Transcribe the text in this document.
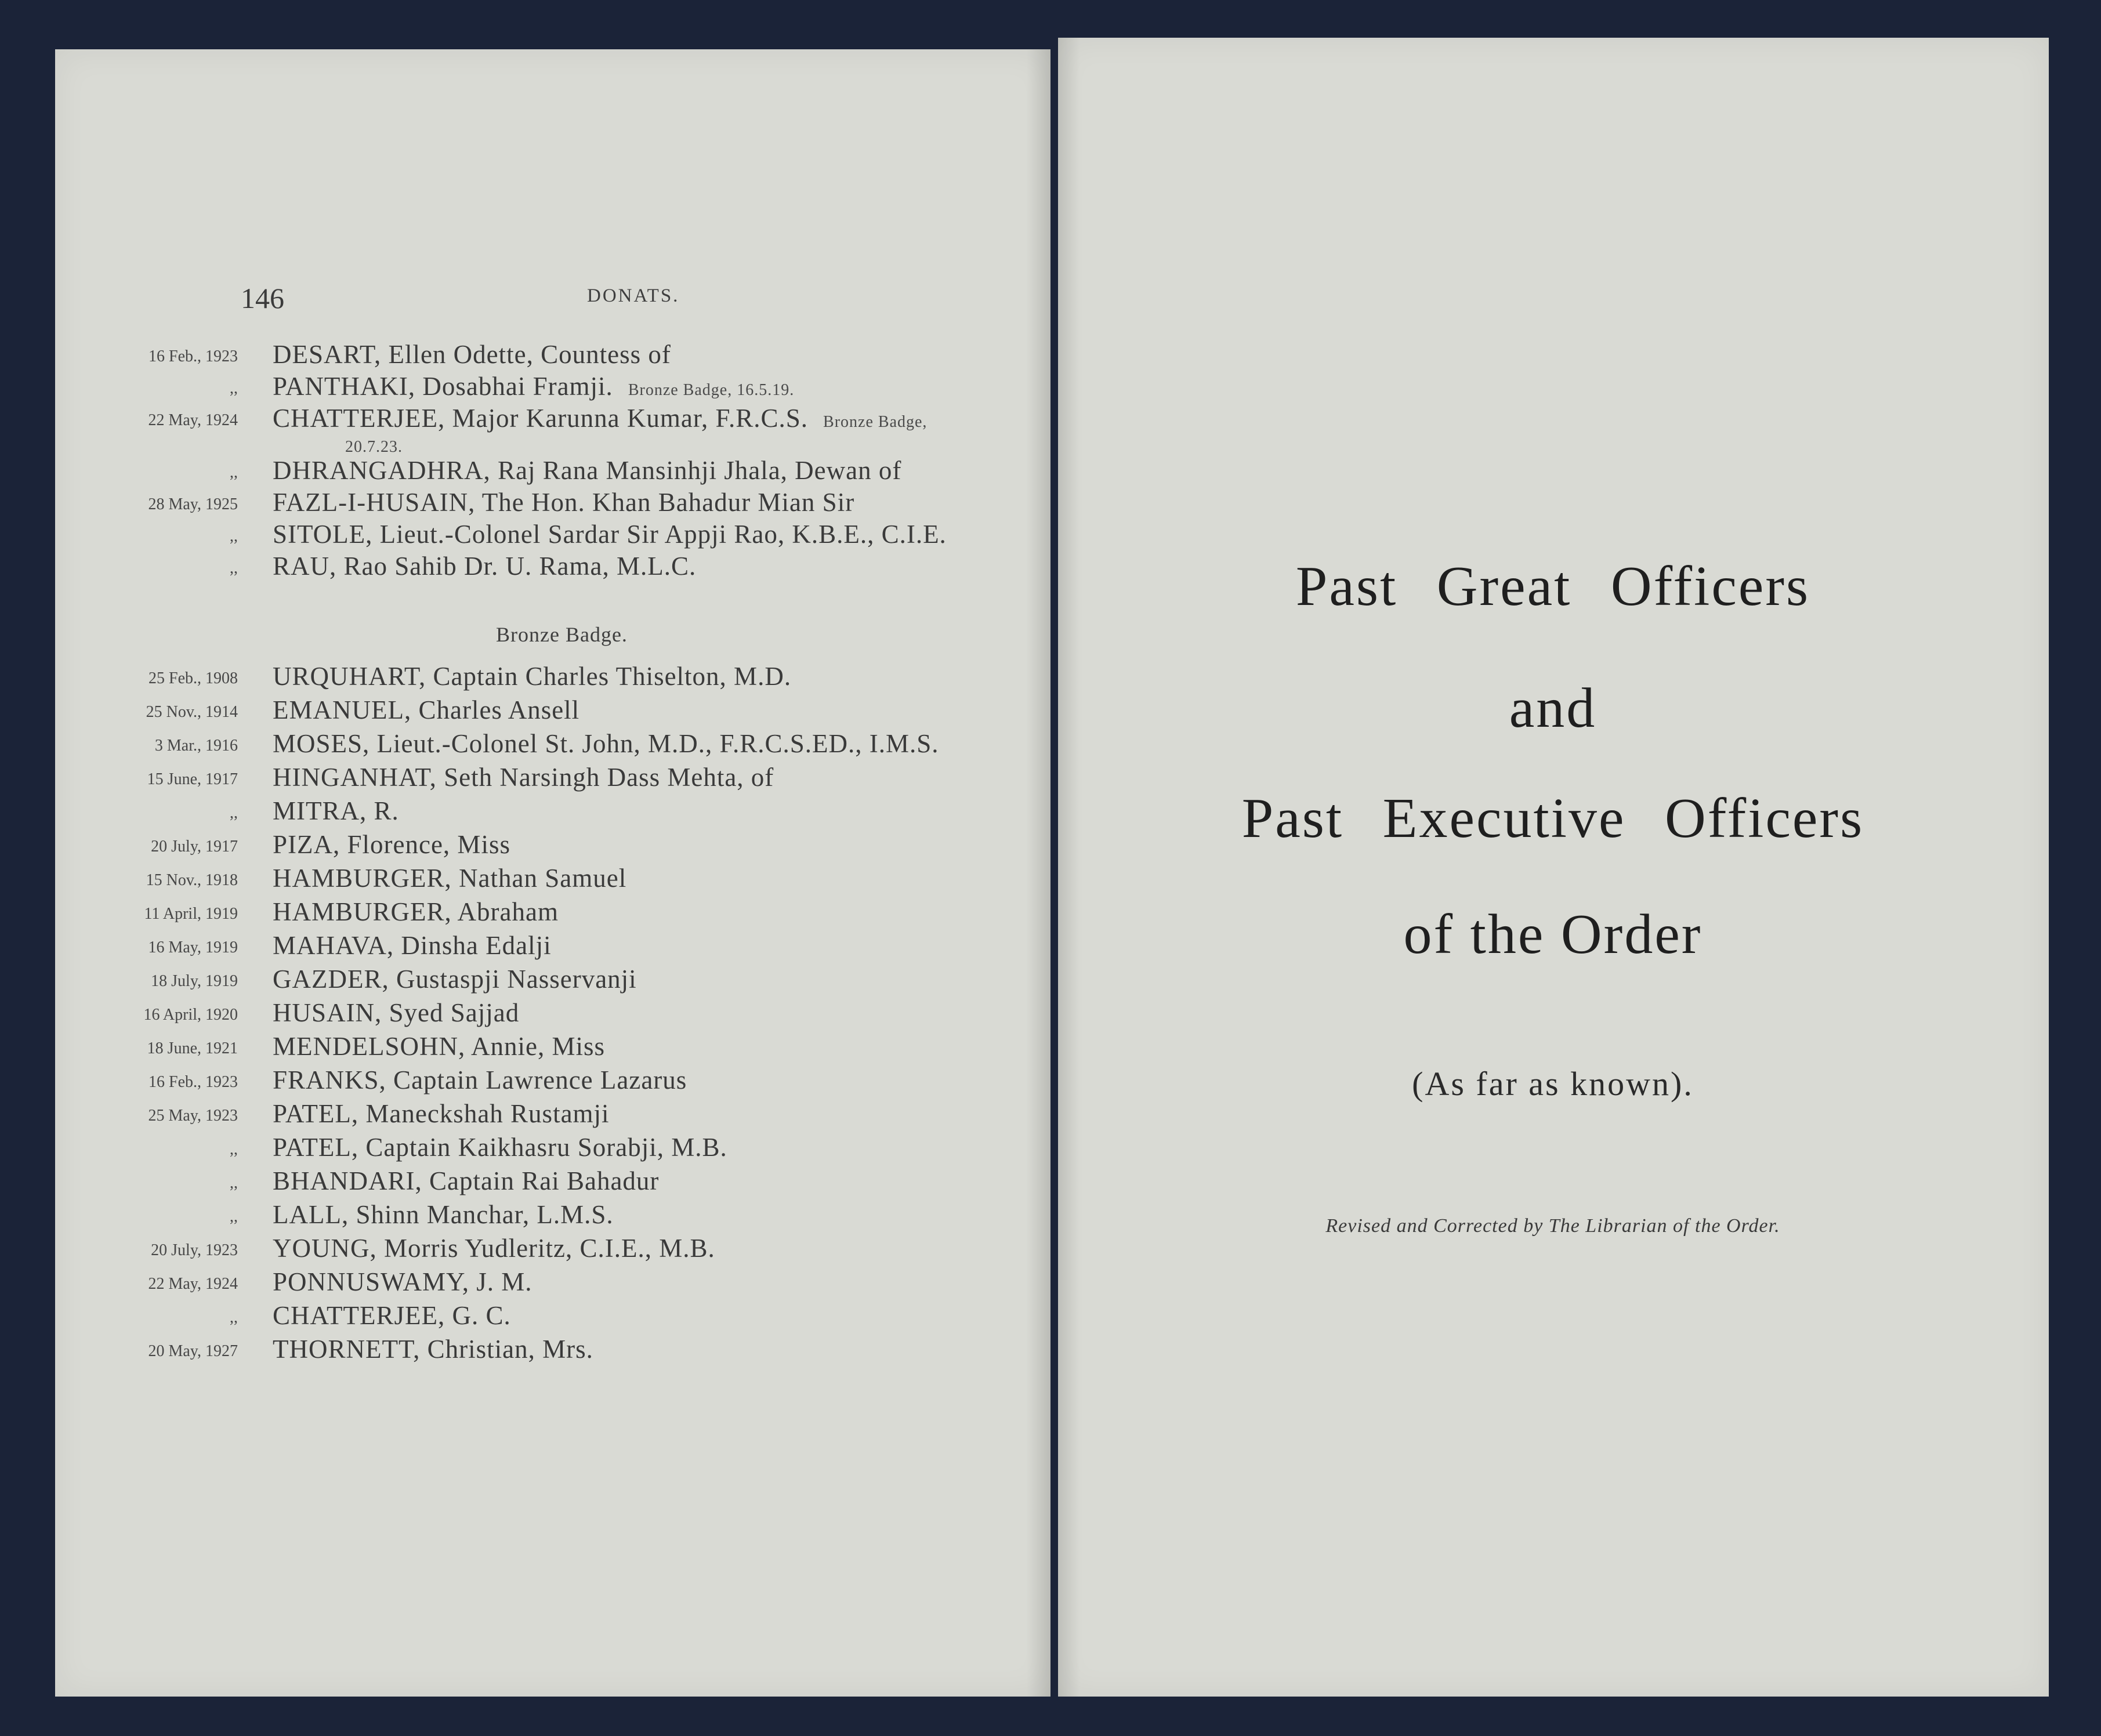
146	DONATS.
16 Feb., 1923 DESART, Ellen Odette, Countess of
,, PANTHAKI, Dosabhai Framji. Bronze Badge, 16.5.19.
22 May, 1924 CHATTERJEE, Major Karunna Kumar, F.R.C.S. Bronze Badge,
20.7.23.
,, DHRANGADHRA, Raj Rana Mansinhji Jhala, Dewan of
28 May, 1925 FAZL-I-HUSAIN, The Hon. Khan Bahadur Mian Sir
,, SITOLE, Lieut.-Colonel Sardar Sir Appji Rao, K.B.E., C.I.E.
,, RAU, Rao Sahib Dr. U. Rama, M.L.C.
Bronze Badge.
25 Feb., 1908 URQUHART, Captain Charles Thiselton, M.D.
25 Nov., 1914 EMANUEL, Charles Ansell
3 Mar., 1916 MOSES, Lieut.-Colonel St. John, M.D., F.R.C.S.ED., I.M.S.
15 June, 1917 HINGANHAT, Seth Narsingh Dass Mehta, of
,, MITRA, R.
20 July, 1917 PIZA, Florence, Miss
15 Nov., 1918 HAMBURGER, Nathan Samuel
11 April, 1919 HAMBURGER, Abraham
16 May, 1919 MAHAVA, Dinsha Edalji
18 July, 1919 GAZDER, Gustaspji Nasservanji
16 April, 1920 HUSAIN, Syed Sajjad
18 June, 1921 MENDELSOHN, Annie, Miss
16 Feb., 1923 FRANKS, Captain Lawrence Lazarus
25 May, 1923 PATEL, Maneckshah Rustamji
,, PATEL, Captain Kaikhasru Sorabji, M.B.
,, BHANDARI, Captain Rai Bahadur
,, LALL, Shinn Manchar, L.M.S.
20 July, 1923 YOUNG, Morris Yudleritz, C.I.E., M.B.
22 May, 1924 PONNUSWAMY, J. M.
,, CHATTERJEE, G. C.
20 May, 1927 THORNETT, Christian, Mrs.
Past Great Officers
and
Past Executive Officers
of the Order
(As far as known).
Revised and Corrected by The Librarian of the Order.
